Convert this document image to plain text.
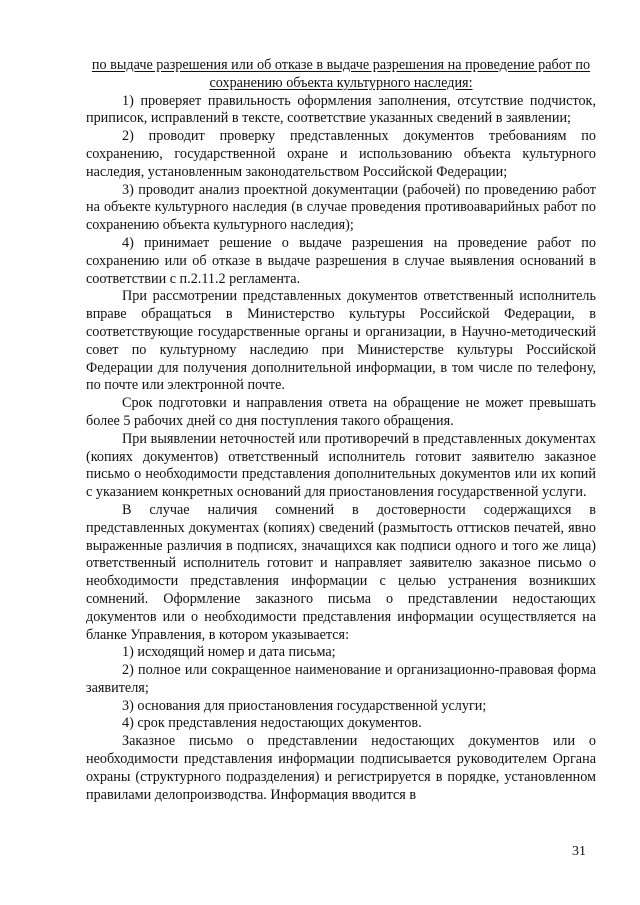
по выдаче разрешения или об отказе в выдаче разрешения на проведение работ по сохранению объекта культурного наследия:

1) проверяет правильность оформления заполнения, отсутствие подчисток, приписок, исправлений в тексте, соответствие указанных сведений в заявлении;

2) проводит проверку представленных документов требованиям по сохранению, государственной охране и использованию объекта культурного наследия, установленным законодательством Российской Федерации;

3) проводит анализ проектной документации (рабочей) по проведению работ на объекте культурного наследия (в случае проведения противоаварийных работ по сохранению объекта культурного наследия);

4) принимает решение о выдаче разрешения на проведение работ по сохранению или об отказе в выдаче разрешения в случае выявления оснований в соответствии с п.2.11.2 регламента.

При рассмотрении представленных документов ответственный исполнитель вправе обращаться в Министерство культуры Российской Федерации, в соответствующие государственные органы и организации, в Научно-методический совет по культурному наследию при Министерстве культуры Российской Федерации для получения дополнительной информации, в том числе по телефону, по почте или электронной почте.

Срок подготовки и направления ответа на обращение не может превышать более 5 рабочих дней со дня поступления такого обращения.

При выявлении неточностей или противоречий в представленных документах (копиях документов) ответственный исполнитель готовит заявителю заказное письмо о необходимости представления дополнительных документов или их копий с указанием конкретных оснований для приостановления государственной услуги.

В случае наличия сомнений в достоверности содержащихся в представленных документах (копиях) сведений (размытость оттисков печатей, явно выраженные различия в подписях, значащихся как подписи одного и того же лица) ответственный исполнитель готовит и направляет заявителю заказное письмо о необходимости представления информации с целью устранения возникших сомнений. Оформление заказного письма о представлении недостающих документов или о необходимости представления информации осуществляется на бланке Управления, в котором указывается:

1) исходящий номер и дата письма;

2) полное или сокращенное наименование и организационно-правовая форма заявителя;

3) основания для приостановления государственной услуги;

4) срок представления недостающих документов.

Заказное письмо о представлении недостающих документов или о необходимости представления информации подписывается руководителем Органа охраны (структурного подразделения) и регистрируется в порядке, установленном правилами делопроизводства. Информация вводится в

31
